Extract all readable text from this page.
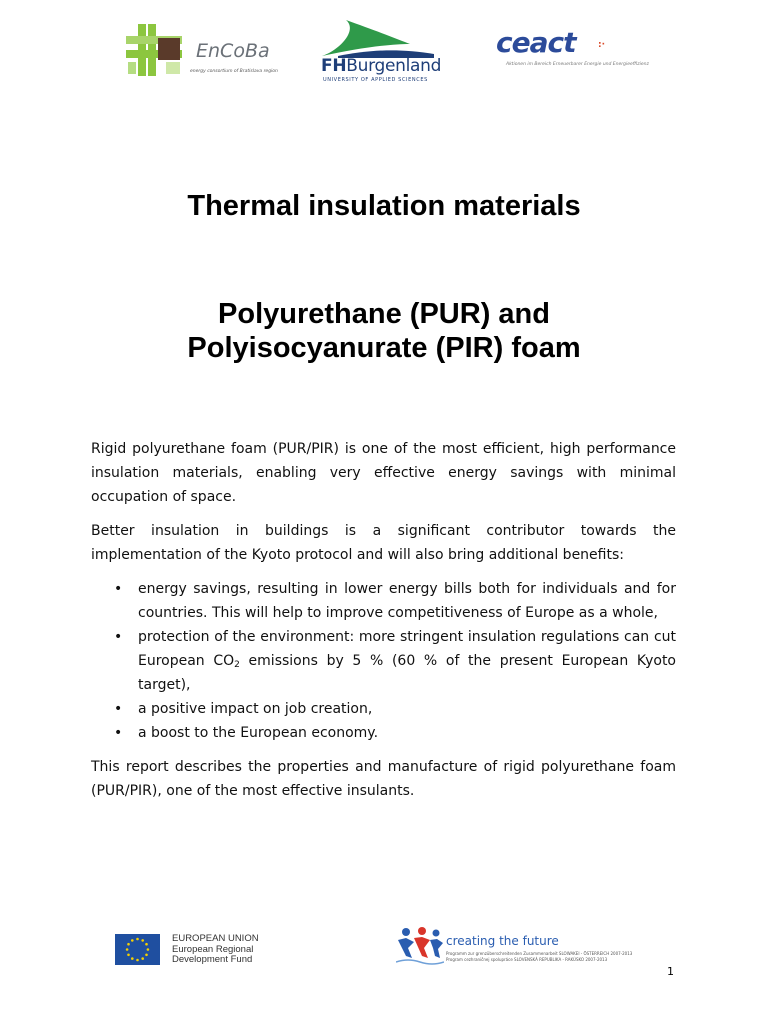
EnCoBa
energy consortium of Bratislava region	FHBurgenland
UNIVERSITY OF APPLIED SCIENCES
ceact	:·
Aktionen im Bereich Erneuerbarer Energie und Energieeffizienz
Thermal insulation materials
Polyurethane (PUR) and
Polyisocyanurate (PIR) foam

Rigid polyurethane foam (PUR/PIR) is one of the most efficient, high performance insulation materials, enabling very effective energy savings with minimal occupation of space.

Better insulation in buildings is a significant contributor towards the implementation of the Kyoto protocol and will also bring additional benefits:

• energy savings, resulting in lower energy bills both for individuals and for countries. This will help to improve competitiveness of Europe as a whole,
• protection of the environment: more stringent insulation regulations can cut European $CO_2$ emissions by 5 % (60 % of the present European Kyoto target),
• a positive impact on job creation,
• a boost to the European economy.

This report describes the properties and manufacture of rigid polyurethane foam (PUR/PIR), one of the most effective insulants.

EUROPEAN UNION
European Regional
Development Fund
creating the future
Programm zur grenzüberschreitenden Zusammenarbeit SLOWAKEI - ÖSTERREICH 2007-2013
Program cezhraničnej spolupráce SLOVENSKÁ REPUBLIKA - RAKÚSKO 2007-2013
1
